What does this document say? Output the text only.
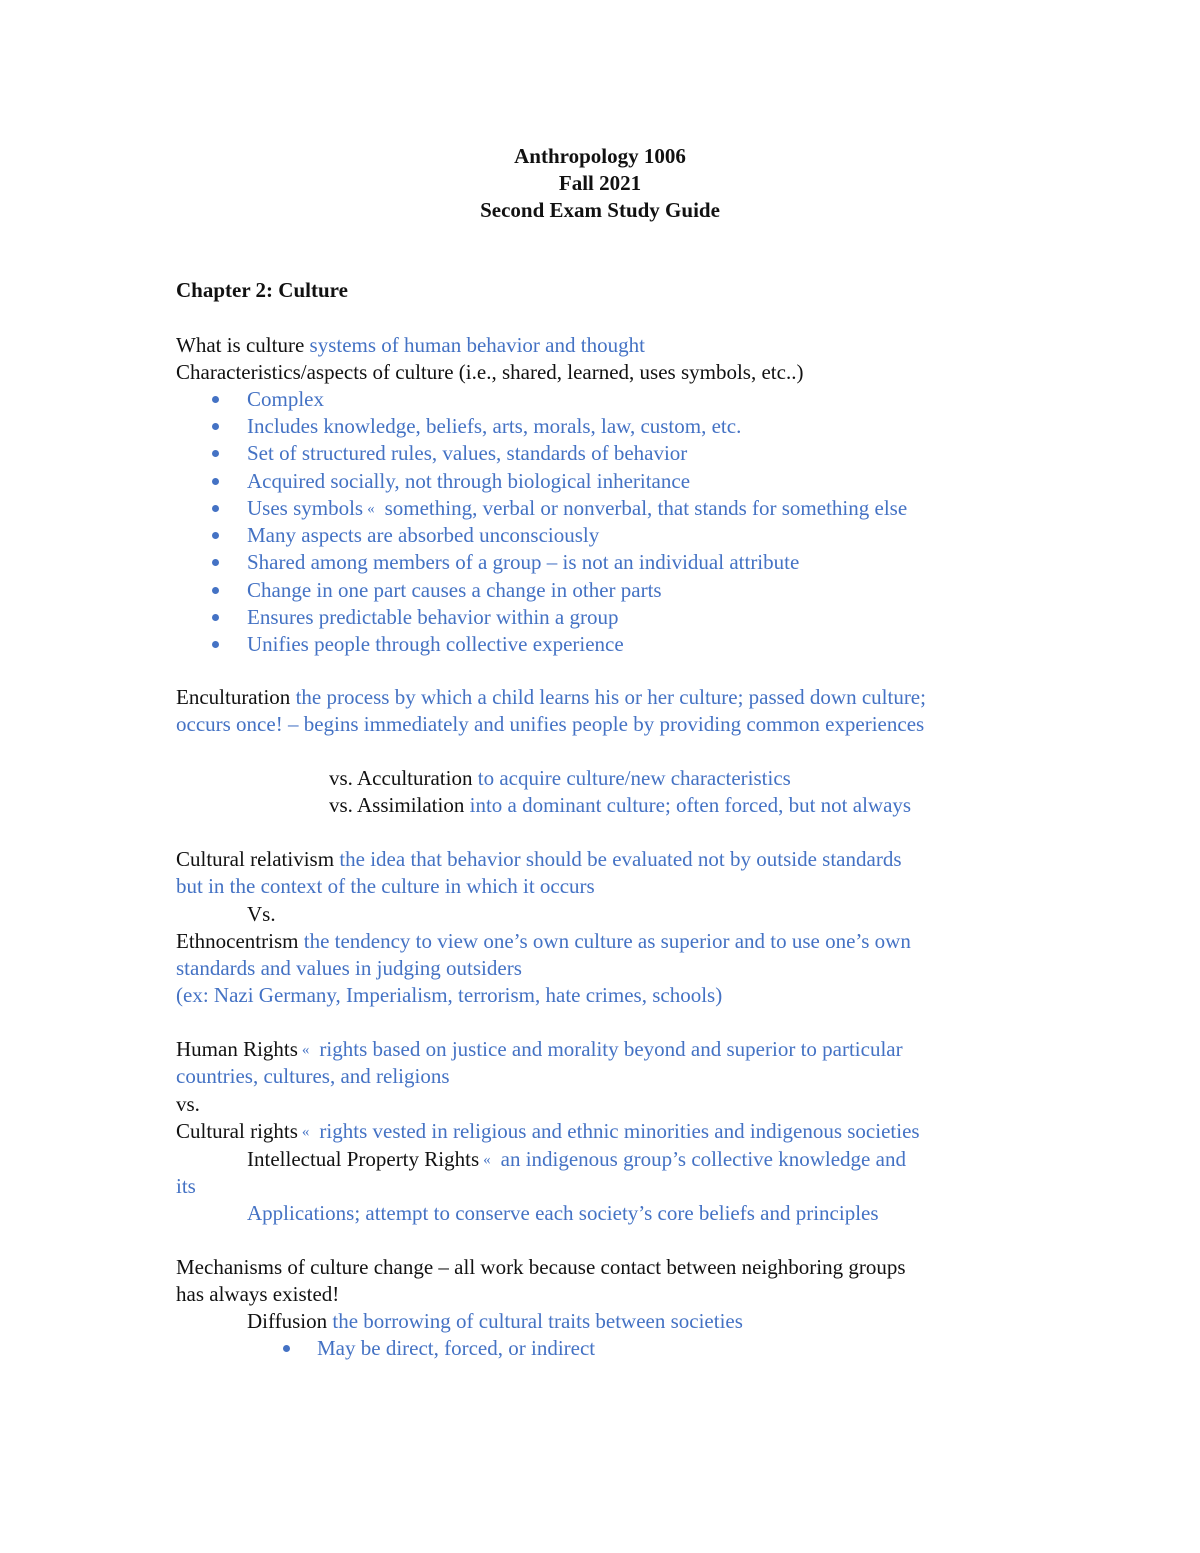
Anthropology 1006
Fall 2021
Second Exam Study Guide
Chapter 2: Culture
What is culture systems of human behavior and thought
Characteristics/aspects of culture (i.e., shared, learned, uses symbols, etc..)
Complex
Includes knowledge, beliefs, arts, morals, law, custom, etc.
Set of structured rules, values, standards of behavior
Acquired socially, not through biological inheritance
Uses symbols « something, verbal or nonverbal, that stands for something else
Many aspects are absorbed unconsciously
Shared among members of a group – is not an individual attribute
Change in one part causes a change in other parts
Ensures predictable behavior within a group
Unifies people through collective experience
Enculturation the process by which a child learns his or her culture; passed down culture;
occurs once! – begins immediately and unifies people by providing common experiences
vs. Acculturation to acquire culture/new characteristics
vs. Assimilation into a dominant culture; often forced, but not always
Cultural relativism the idea that behavior should be evaluated not by outside standards
but in the context of the culture in which it occurs
Vs.
Ethnocentrism the tendency to view one’s own culture as superior and to use one’s own
standards and values in judging outsiders
(ex: Nazi Germany, Imperialism, terrorism, hate crimes, schools)
Human Rights « rights based on justice and morality beyond and superior to particular
countries, cultures, and religions
vs.
Cultural rights « rights vested in religious and ethnic minorities and indigenous societies
Intellectual Property Rights « an indigenous group’s collective knowledge and
its
Applications; attempt to conserve each society’s core beliefs and principles
Mechanisms of culture change – all work because contact between neighboring groups
has always existed!
Diffusion the borrowing of cultural traits between societies
May be direct, forced, or indirect
